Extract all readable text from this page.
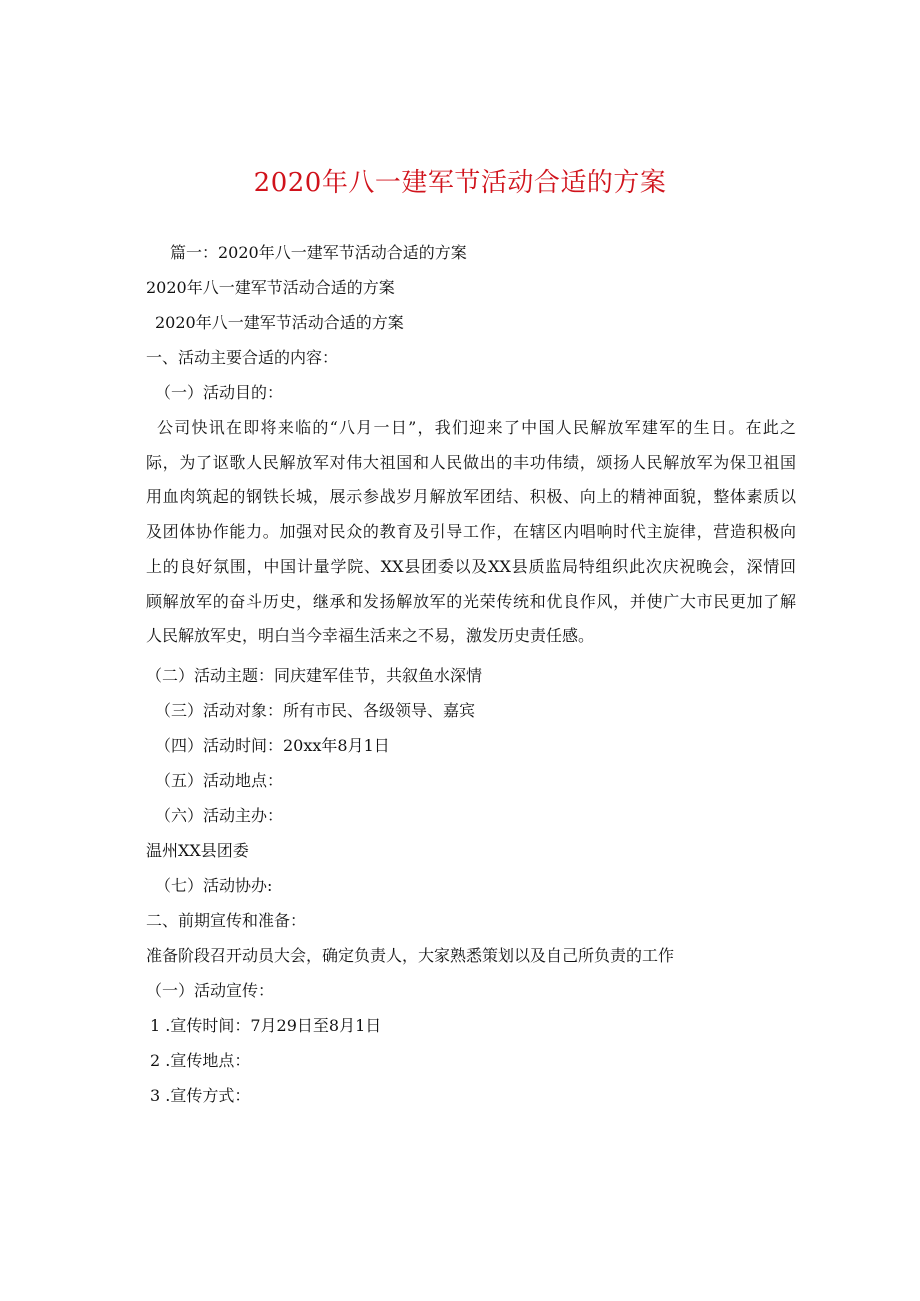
2020年八一建军节活动合适的方案
篇一：2020年八一建军节活动合适的方案
2020年八一建军节活动合适的方案
2020年八一建军节活动合适的方案
一、活动主要合适的内容：
（一）活动目的：
公司快讯在即将来临的“八月一日”，我们迎来了中国人民解放军建军的生日。在此之
际，为了讴歌人民解放军对伟大祖国和人民做出的丰功伟绩，颂扬人民解放军为保卫祖国
用血肉筑起的钢铁长城，展示参战岁月解放军团结、积极、向上的精神面貌，整体素质以
及团体协作能力。加强对民众的教育及引导工作，在辖区内唱响时代主旋律，营造积极向
上的良好氛围，中国计量学院、XX县团委以及XX县质监局特组织此次庆祝晚会，深情回
顾解放军的奋斗历史，继承和发扬解放军的光荣传统和优良作风，并使广大市民更加了解
人民解放军史，明白当今幸福生活来之不易，激发历史责任感。
（二）活动主题：同庆建军佳节，共叙鱼水深情
（三）活动对象：所有市民、各级领导、嘉宾
（四）活动时间：20xx年8月1日
（五）活动地点：
（六）活动主办：
温州XX县团委
（七）活动协办:
二、前期宣传和准备：
准备阶段召开动员大会，确定负责人，大家熟悉策划以及自己所负责的工作
（一）活动宣传：
1 .宣传时间：7月29日至8月1日
2 .宣传地点：
3 .宣传方式：
